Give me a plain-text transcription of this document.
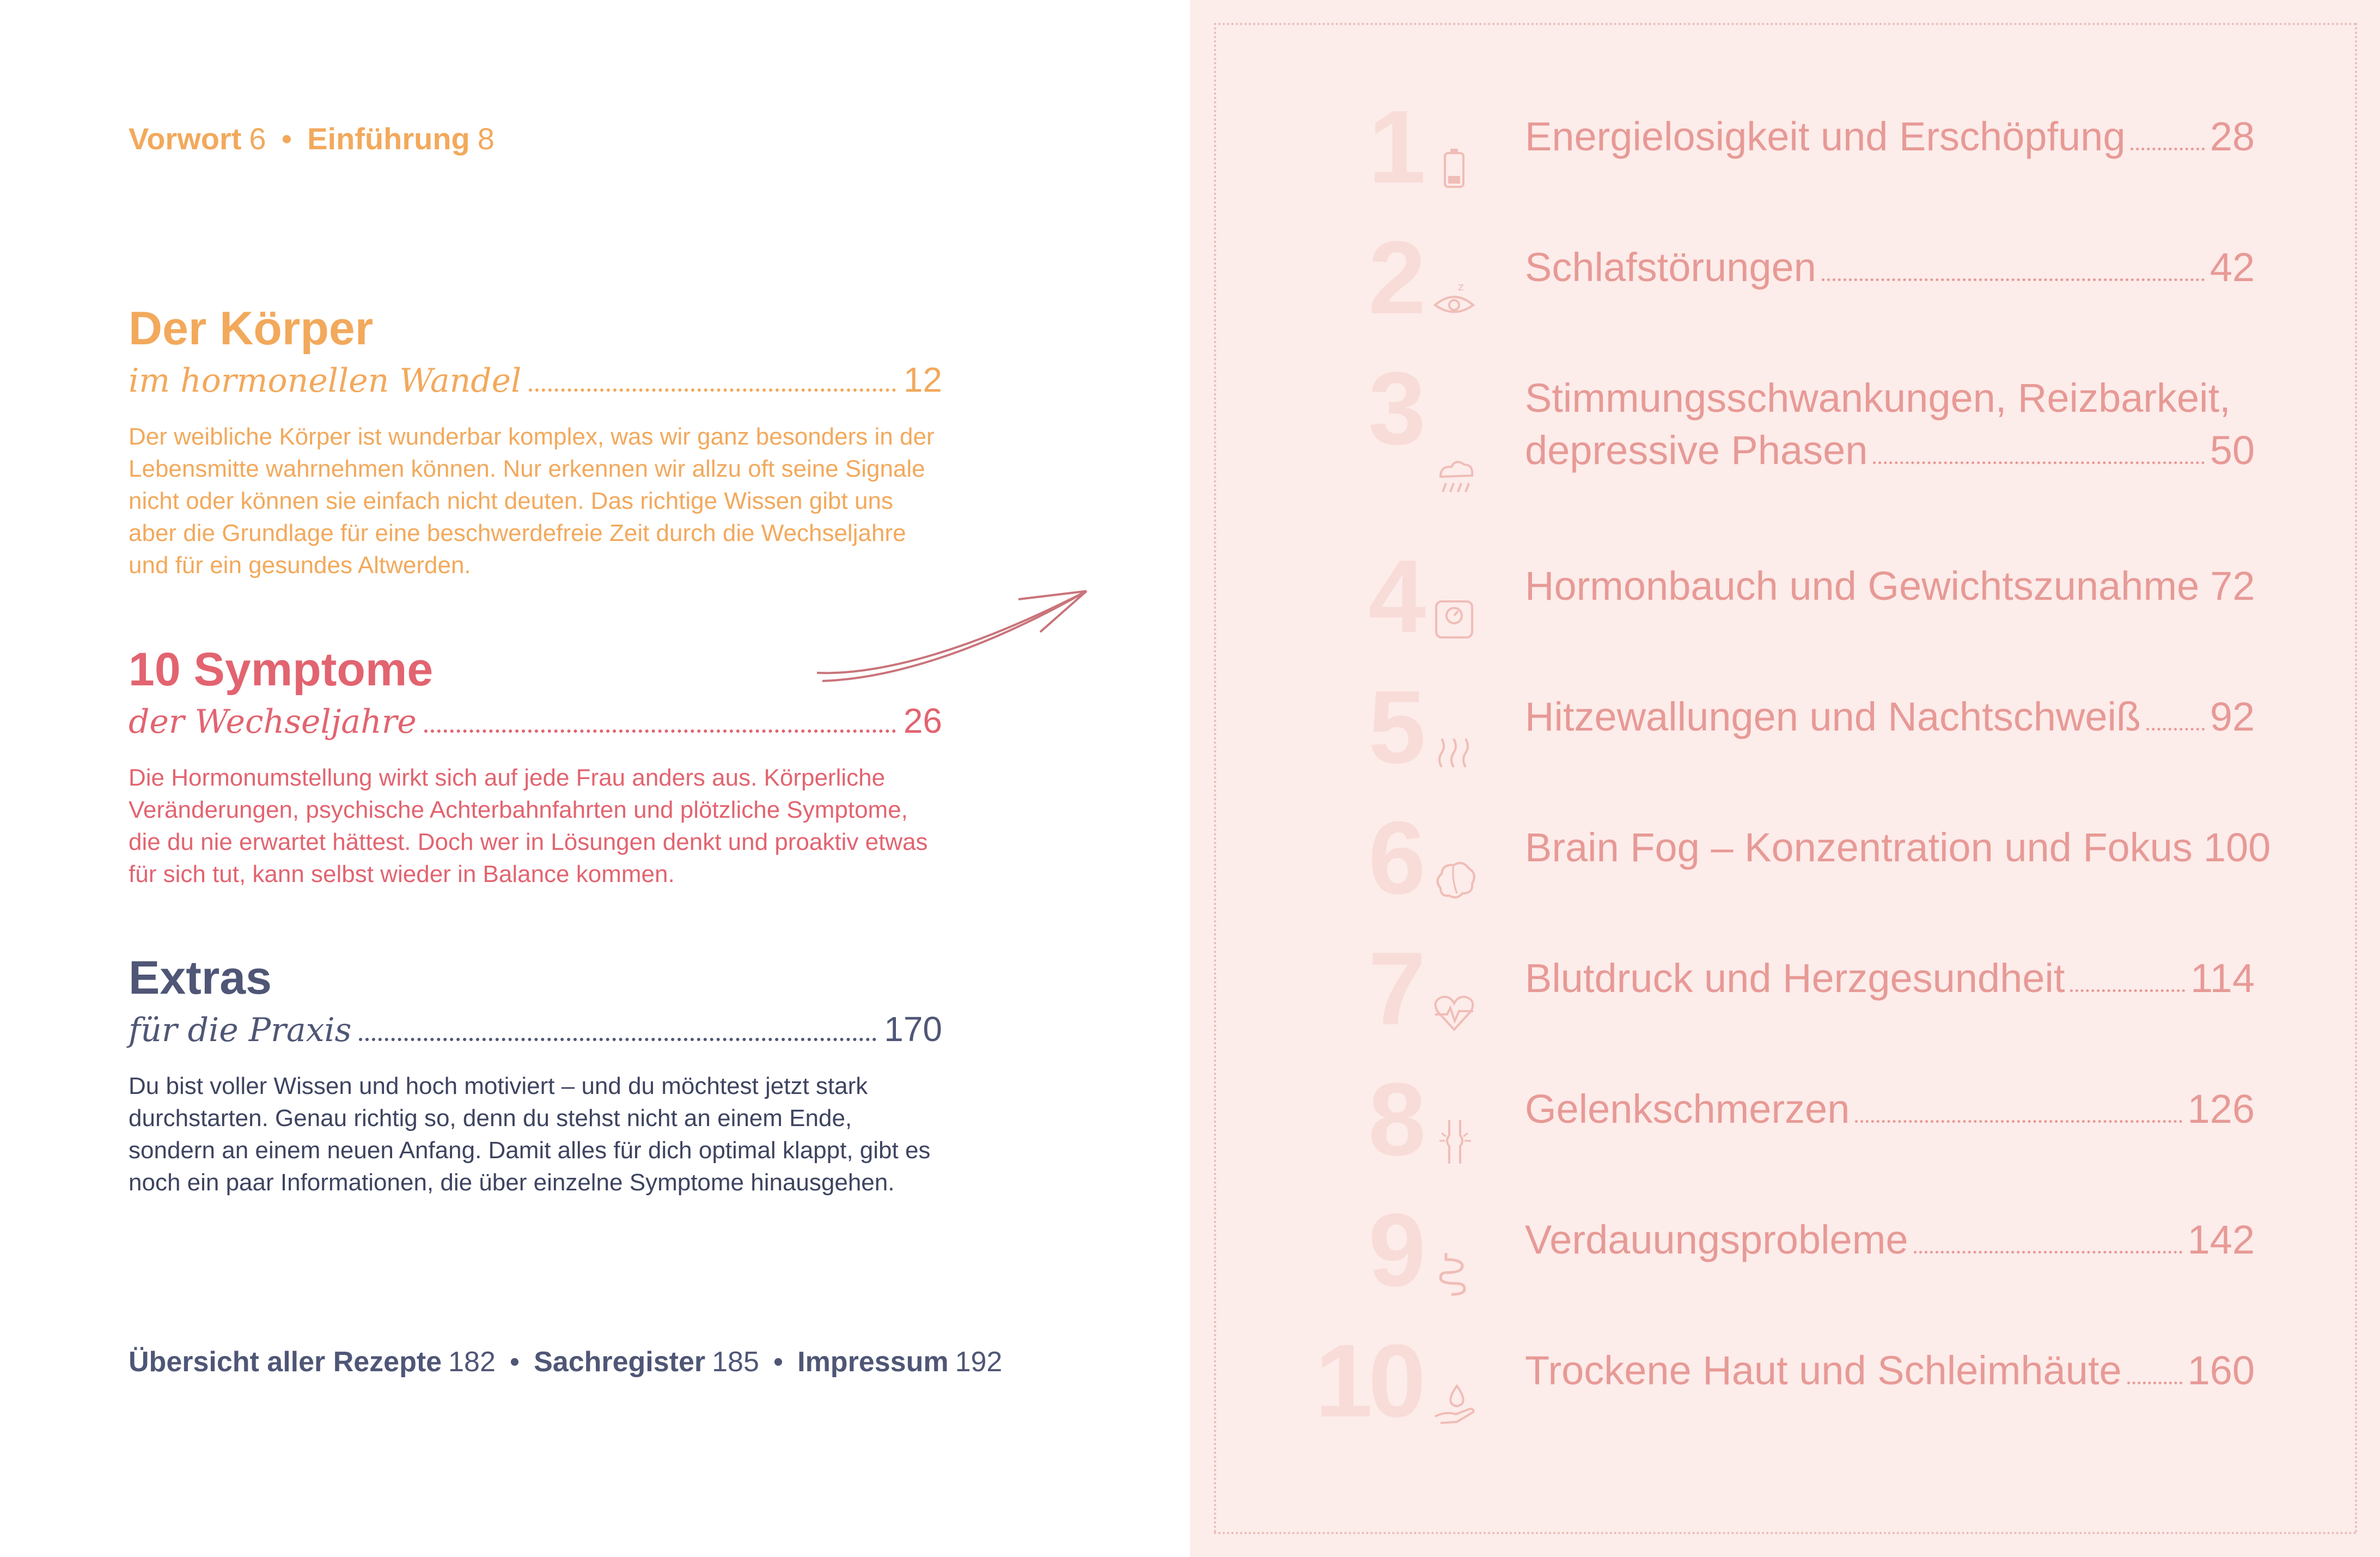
Vorwort 6 • Einführung 8
Der Körper
im hormonellen Wandel	12
Der weibliche Körper ist wunderbar komplex, was wir ganz besonders in der Lebensmitte wahrnehmen können. Nur erkennen wir allzu oft seine Signale nicht oder können sie einfach nicht deuten. Das richtige Wissen gibt uns aber die Grundlage für eine beschwerdefreie Zeit durch die Wechseljahre und für ein gesundes Altwerden.
10 Symptome
der Wechseljahre	26
Die Hormonumstellung wirkt sich auf jede Frau anders aus. Körperliche Veränderungen, psychische Achterbahnfahrten und plötzliche Symptome, die du nie erwartet hättest. Doch wer in Lösungen denkt und proaktiv etwas für sich tut, kann selbst wieder in Balance kommen.
Extras
für die Praxis	170
Du bist voller Wissen und hoch motiviert – und du möchtest jetzt stark durchstarten. Genau richtig so, denn du stehst nicht an einem Ende, sondern an einem neuen Anfang. Damit alles für dich optimal klappt, gibt es noch ein paar Informationen, die über einzelne Symptome hinausgehen.
Übersicht aller Rezepte 182 • Sachregister 185 • Impressum 192
1	Energielosigkeit und Erschöpfung 28
2	z Schlafstörungen	42
3	Stimmungsschwankungen, Reizbarkeit,
depressive Phasen	50
4	Hormonbauch und Gewichtszunahme 72
5	Hitzewallungen und Nachtschweiß 92
6	Brain Fog – Konzentration und Fokus 100
7	Blutdruck und Herzgesundheit	114
8	Gelenkschmerzen	126
9	Verdauungsprobleme	142
10	Trockene Haut und Schleimhäute 160
